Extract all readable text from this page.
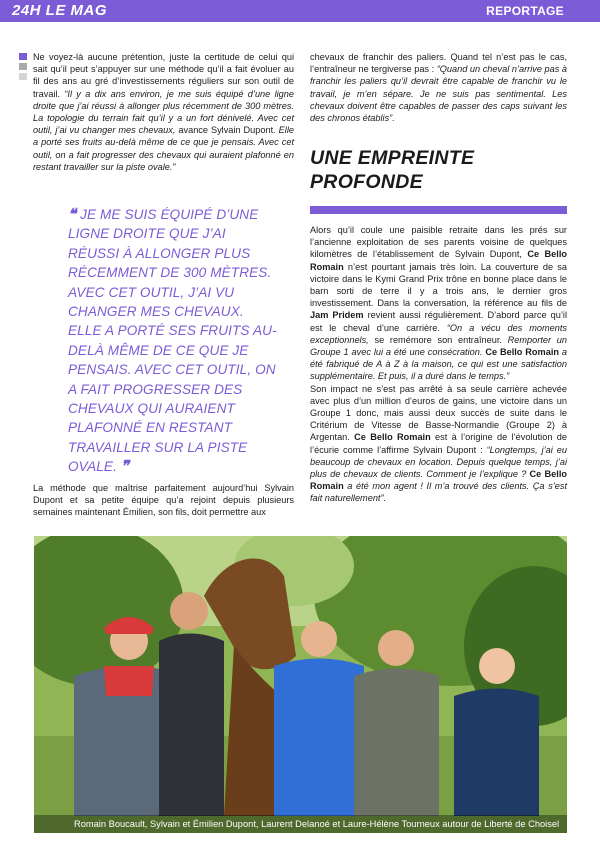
24H LE MAG	REPORTAGE

Ne voyez-là aucune prétention, juste la certitude de celui qui sait qu’il peut s’appuyer sur une méthode qu’il a fait évoluer au fil des ans au gré d’investissements réguliers sur son outil de travail. “Il y a dix ans environ, je me suis équipé d’une ligne droite que j’ai réussi à allonger plus récemment de 300 mètres. La topologie du terrain fait qu’il y a un fort dénivelé. Avec cet outil, j’ai vu changer mes chevaux, avance Sylvain Dupont. Elle a porté ses fruits au-delà même de ce que je pensais. Avec cet outil, on a fait progresser des chevaux qui auraient plafonné en restant travailler sur la piste ovale.”

❝ JE ME SUIS ÉQUIPÉ D’UNE LIGNE DROITE QUE J’AI RÉUSSI À ALLONGER PLUS RÉCEMMENT DE 300 MÈTRES. AVEC CET OUTIL, J’AI VU CHANGER MES CHEVAUX. ELLE A PORTÉ SES FRUITS AU-DELÀ MÊME DE CE QUE JE PENSAIS. AVEC CET OUTIL, ON A FAIT PROGRESSER DES CHEVAUX QUI AURAIENT PLAFONNÉ EN RESTANT TRAVAILLER SUR LA PISTE OVALE. ❞

La méthode que maîtrise parfaitement aujourd’hui Sylvain Dupont et sa petite équipe qu’a rejoint depuis plusieurs semaines maintenant Émilien, son fils, doit permettre aux

chevaux de franchir des paliers. Quand tel n’est pas le cas, l’entraîneur ne tergiverse pas : “Quand un cheval n’arrive pas à franchir les paliers qu’il devrait être capable de franchir vu le travail, je m’en sépare. Je ne suis pas sentimental. Les chevaux doivent être capables de passer des caps suivant les des chronos établis”.

UNE EMPREINTE PROFONDE

Alors qu’il coule une paisible retraite dans les prés sur l’ancienne exploitation de ses parents voisine de quelques kilomètres de l’établissement de Sylvain Dupont, Ce Bello Romain n’est pourtant jamais très loin. La couverture de sa victoire dans le Kymi Grand Prix trône en bonne place dans le barn sorti de terre il y a trois ans, le dernier gros investissement. Dans la conversation, la référence au fils de Jam Pridem revient aussi régulièrement. D’abord parce qu’il est le cheval d’une carrière. “On a vécu des moments exceptionnels, se remémore son entraîneur. Remporter un Groupe 1 avec lui a été une consécration. Ce Bello Romain a été fabriqué de A à Z à la maison, ce qui est une satisfaction supplémentaire. Et puis, il a duré dans le temps.”

Son impact ne s’est pas arrêté à sa seule carrière achevée avec plus d’un million d’euros de gains, une victoire dans un Groupe 1 donc, mais aussi deux succès de suite dans le Critérium de Vitesse de Basse-Normandie (Groupe 2) à Argentan. Ce Bello Romain est à l’origine de l’évolution de l’écurie comme l’affirme Sylvain Dupont : “Longtemps, j’ai eu beaucoup de chevaux en location. Depuis quelque temps, j’ai plus de chevaux de clients. Comment je l’explique ? Ce Bello Romain a été mon agent ! Il m’a trouvé des clients. Ça s’est fait naturellement”.

Romain Boucault, Sylvain et Émilien Dupont, Laurent Delanoé et Laure-Hélène Tourneux autour de Liberté de Choisel
